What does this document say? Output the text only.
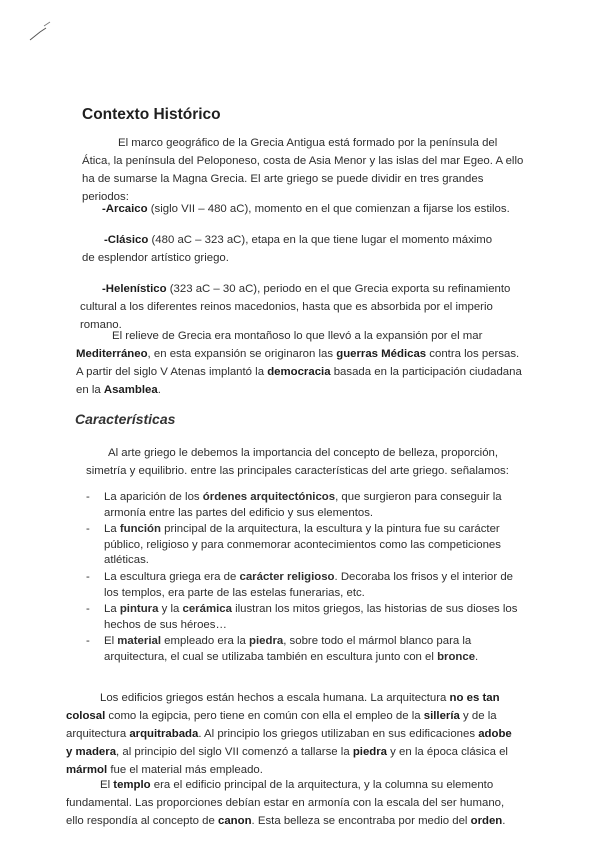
Contexto Histórico

El marco geográfico de la Grecia Antigua está formado por la península del Ática, la península del Peloponeso, costa de Asia Menor y las islas del mar Egeo. A ello ha de sumarse la Magna Grecia. El arte griego se puede dividir en tres grandes periodos:

-Arcaico (siglo VII – 480 aC), momento en el que comienzan a fijarse los estilos.

-Clásico (480 aC – 323 aC), etapa en la que tiene lugar el momento máximo de esplendor artístico griego.

-Helenístico (323 aC – 30 aC), periodo en el que Grecia exporta su refinamiento cultural a los diferentes reinos macedonios, hasta que es absorbida por el imperio romano.

El relieve de Grecia era montañoso lo que llevó a la expansión por el mar Mediterráneo, en esta expansión se originaron las guerras Médicas contra los persas. A partir del siglo V Atenas implantó la democracia basada en la participación ciudadana en la Asamblea.

Características

Al arte griego le debemos la importancia del concepto de belleza, proporción, simetría y equilibrio. entre las principales características del arte griego. señalamos:

- La aparición de los órdenes arquitectónicos, que surgieron para conseguir la armonía entre las partes del edificio y sus elementos.
- La función principal de la arquitectura, la escultura y la pintura fue su carácter público, religioso y para conmemorar acontecimientos como las competiciones atléticas.
- La escultura griega era de carácter religioso. Decoraba los frisos y el interior de los templos, era parte de las estelas funerarias, etc.
- La pintura y la cerámica ilustran los mitos griegos, las historias de sus dioses los hechos de sus héroes…
- El material empleado era la piedra, sobre todo el mármol blanco para la arquitectura, el cual se utilizaba también en escultura junto con el bronce.

Los edificios griegos están hechos a escala humana. La arquitectura no es tan colosal como la egipcia, pero tiene en común con ella el empleo de la sillería y de la arquitectura arquitrabada. Al principio los griegos utilizaban en sus edificaciones adobe y madera, al principio del siglo VII comenzó a tallarse la piedra y en la época clásica el mármol fue el material más empleado.

El templo era el edificio principal de la arquitectura, y la columna su elemento fundamental. Las proporciones debían estar en armonía con la escala del ser humano, ello respondía al concepto de canon. Esta belleza se encontraba por medio del orden.
